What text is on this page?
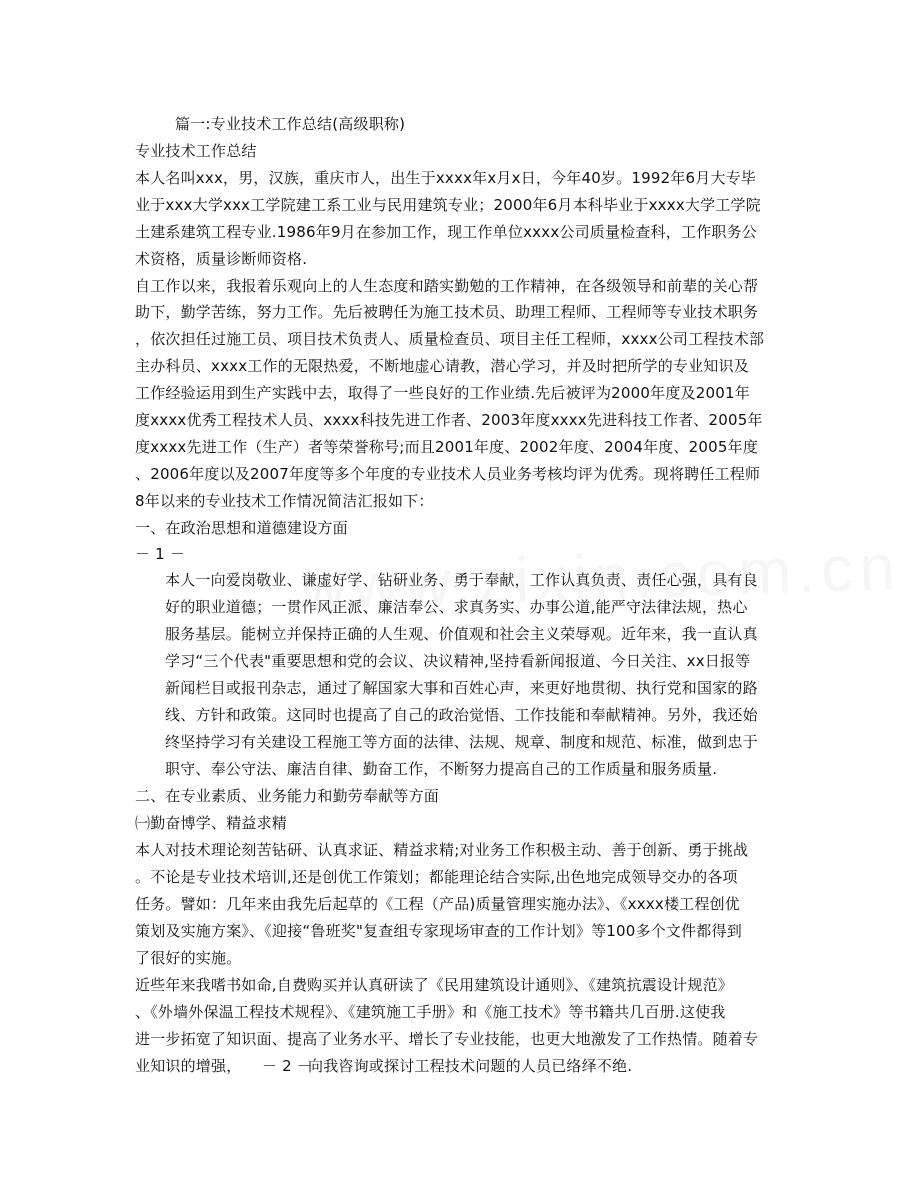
篇一:专业技术工作总结(高级职称)
专业技术工作总结
本人名叫xxx，男，汉族，重庆市人，出生于xxxx年x月x日，今年40岁。1992年6月大专毕
业于xxx大学xxx工学院建工系工业与民用建筑专业；2000年6月本科毕业于xxxx大学工学院
土建系建筑工程专业.1986年9月在参加工作，现工作单位xxxx公司质量检查科，工作职务公
术资格，质量诊断师资格.
自工作以来，我报着乐观向上的人生态度和踏实勤勉的工作精神，在各级领导和前辈的关心帮
助下，勤学苦练，努力工作。先后被聘任为施工技术员、助理工程师、工程师等专业技术职务
，依次担任过施工员、项目技术负责人、质量检查员、项目主任工程师，xxxx公司工程技术部
主办科员、xxxx工作的无限热爱，不断地虚心请教，潜心学习，并及时把所学的专业知识及
工作经验运用到生产实践中去，取得了一些良好的工作业绩.先后被评为2000年度及2001年
度xxxx优秀工程技术人员、xxxx科技先进工作者、2003年度xxxx先进科技工作者、2005年
度xxxx先进工作（生产）者等荣誉称号;而且2001年度、2002年度、2004年度、2005年度
、2006年度以及2007年度等多个年度的专业技术人员业务考核均评为优秀。现将聘任工程师
8年以来的专业技术工作情况简洁汇报如下：
一、在政治思想和道德建设方面
－ 1 －
本人一向爱岗敬业、谦虚好学、钻研业务、勇于奉献，工作认真负责、责任心强，具有良
好的职业道德；一贯作风正派、廉洁奉公、求真务实、办事公道,能严守法律法规，热心
服务基层。能树立并保持正确的人生观、价值观和社会主义荣辱观。近年来，我一直认真
学习“三个代表"重要思想和党的会议、决议精神,坚持看新闻报道、今日关注、xx日报等
新闻栏目或报刊杂志，通过了解国家大事和百姓心声，来更好地贯彻、执行党和国家的路
线、方针和政策。这同时也提高了自己的政治觉悟、工作技能和奉献精神。另外，我还始
终坚持学习有关建设工程施工等方面的法律、法规、规章、制度和规范、标准，做到忠于
职守、奉公守法、廉洁自律、勤奋工作，不断努力提高自己的工作质量和服务质量.
二、在专业素质、业务能力和勤劳奉献等方面
㈠勤奋博学、精益求精
本人对技术理论刻苦钻研、认真求证、精益求精;对业务工作积极主动、善于创新、勇于挑战
。不论是专业技术培训,还是创优工作策划；都能理论结合实际,出色地完成领导交办的各项
任务。譬如：几年来由我先后起草的《工程（产品)质量管理实施办法》、《xxxx楼工程创优
策划及实施方案》、《迎接“鲁班奖"复查组专家现场审查的工作计划》等100多个文件都得到
了很好的实施。
近些年来我嗜书如命,自费购买并认真研读了《民用建筑设计通则》、《建筑抗震设计规范》
、《外墙外保温工程技术规程》、《建筑施工手册》和《施工技术》等书籍共几百册.这使我
进一步拓宽了知识面、提高了业务水平、增长了专业技能，也更大地激发了工作热情。随着专
业知识的增强， － 2 －
向我咨询或探讨工程技术问题的人员已络绎不绝.
